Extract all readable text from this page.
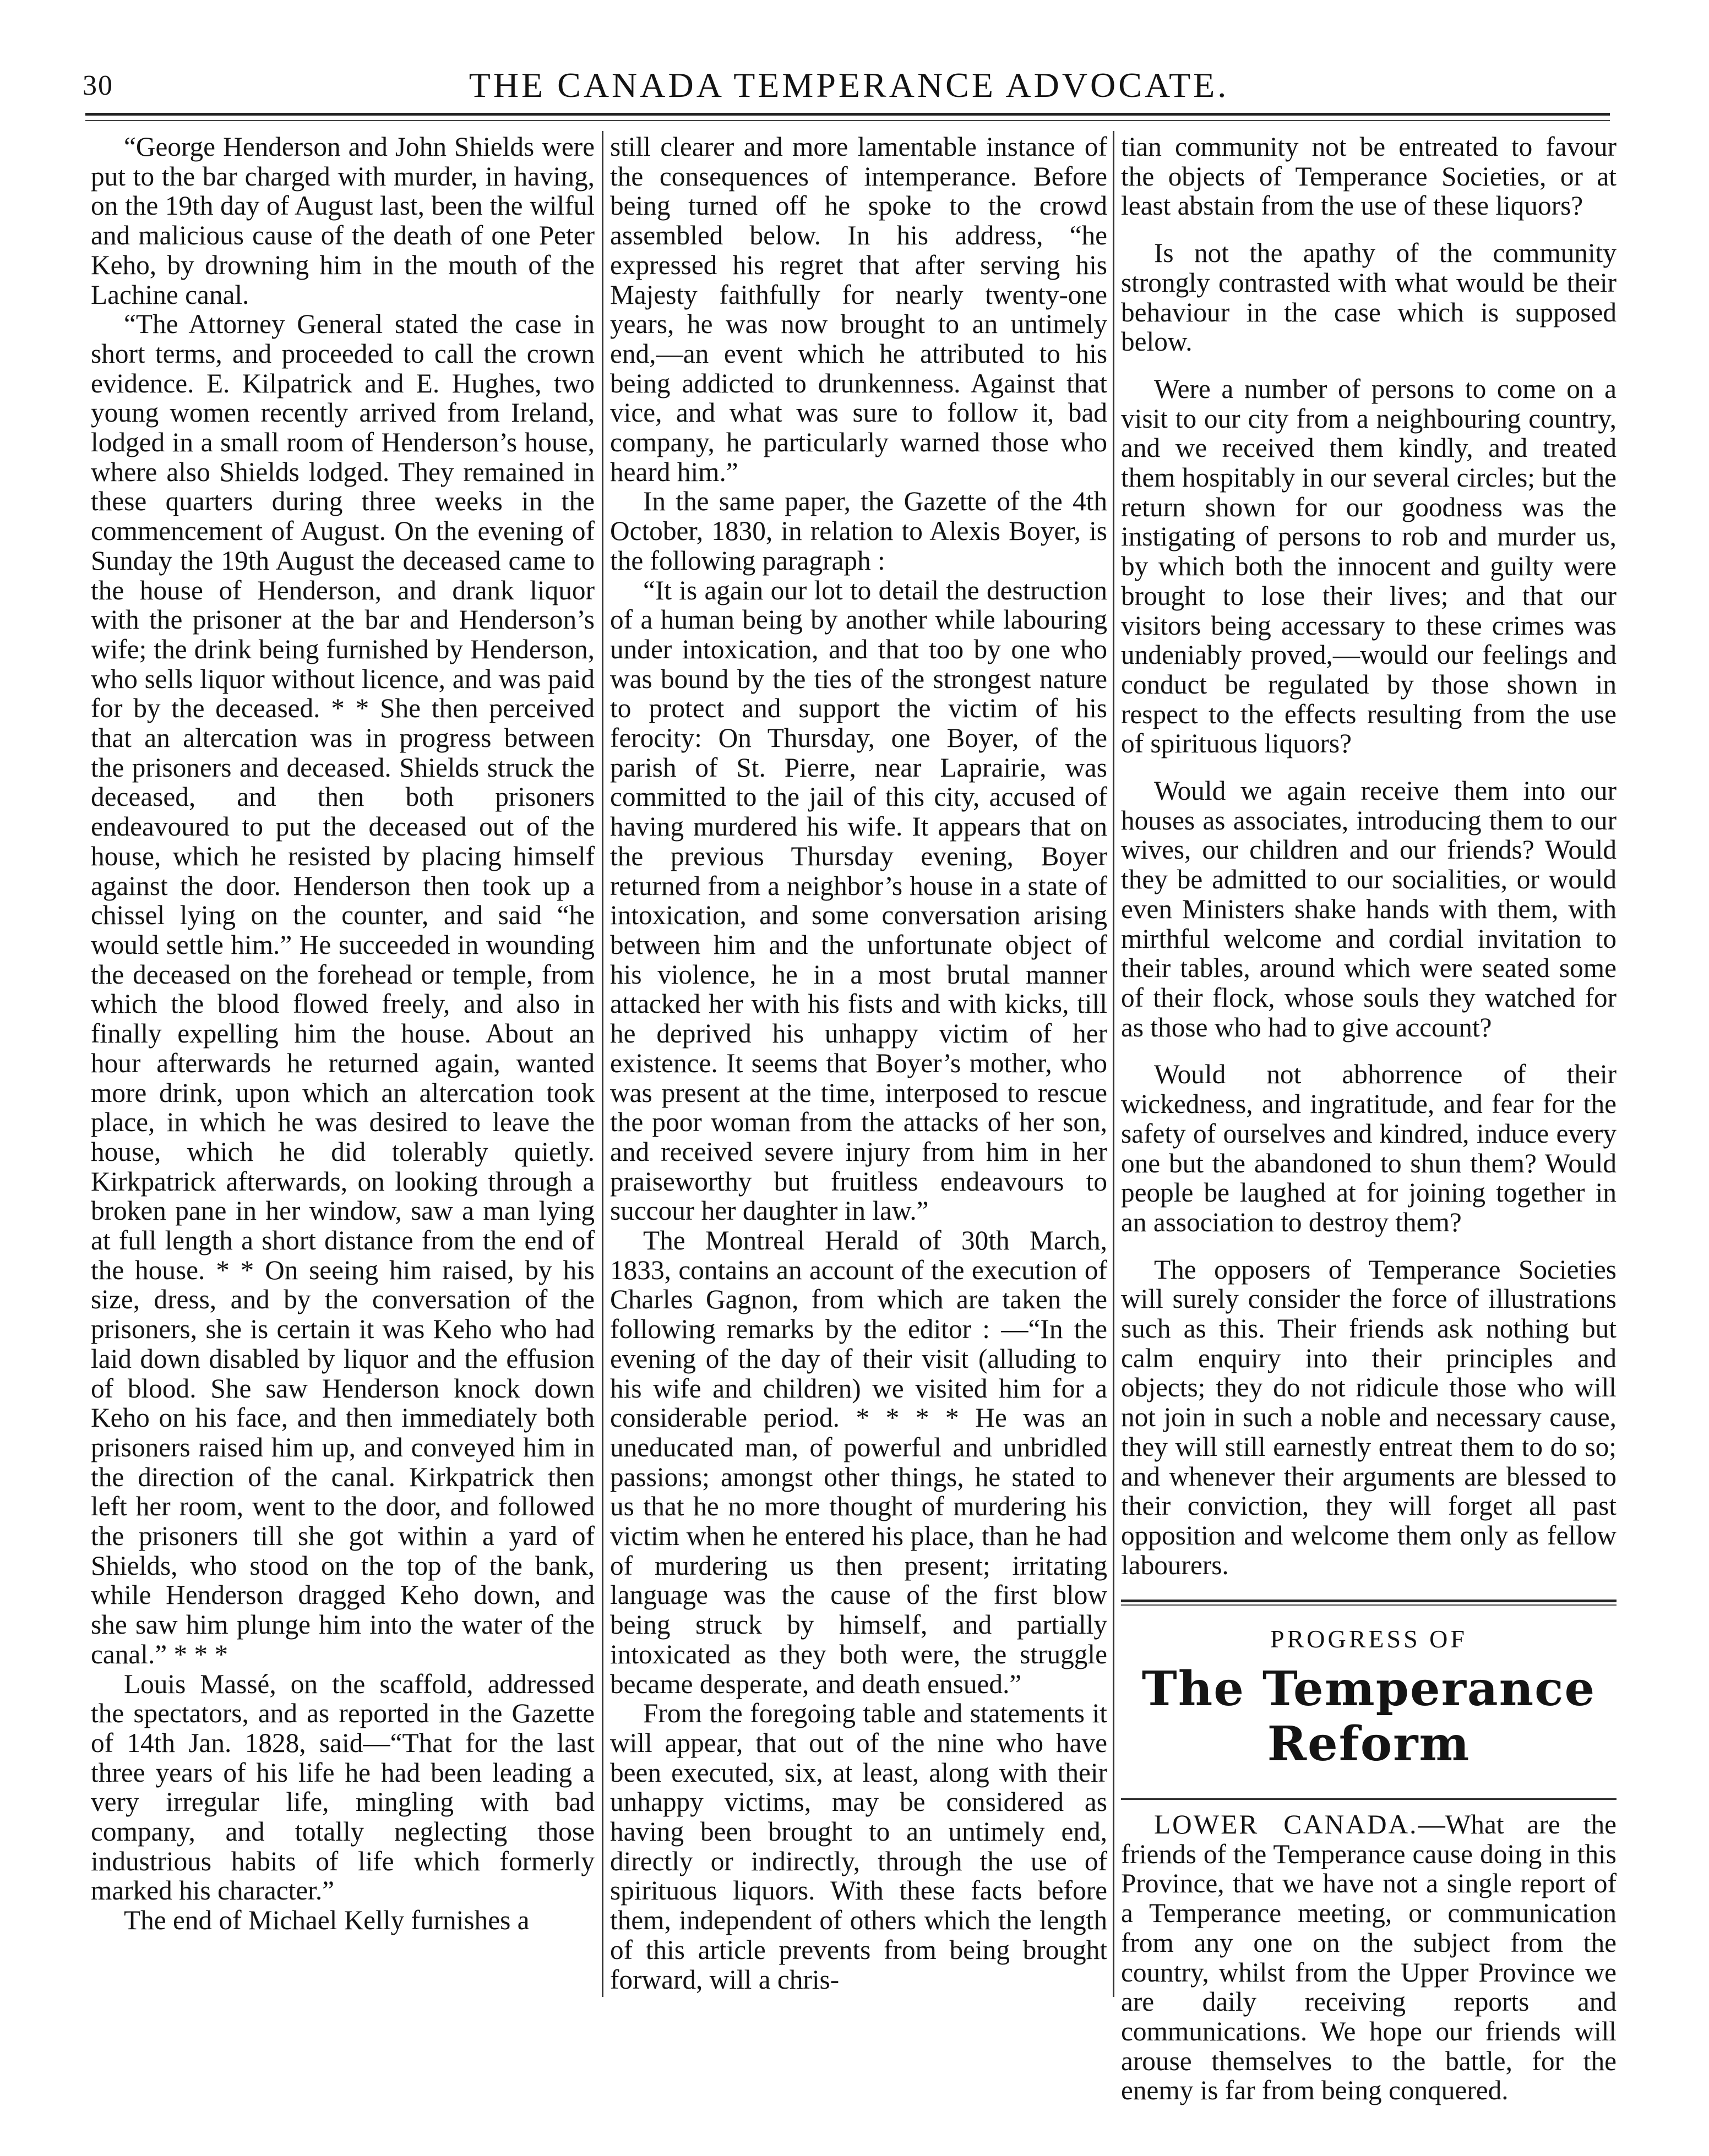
30	THE CANADA TEMPERANCE ADVOCATE.

“George Henderson and John Shields were put to the bar charged with murder, in having, on the 19th day of August last, been the wilful and malicious cause of the death of one Peter Keho, by drowning him in the mouth of the Lachine canal.

“The Attorney General stated the case in short terms, and proceeded to call the crown evidence. E. Kilpatrick and E. Hughes, two young women recently arrived from Ireland, lodged in a small room of Henderson’s house, where also Shields lodged. They remained in these quarters during three weeks in the commencement of August. On the evening of Sunday the 19th August the deceased came to the house of Henderson, and drank liquor with the prisoner at the bar and Henderson’s wife; the drink being furnished by Henderson, who sells liquor without licence, and was paid for by the deceased. * * She then perceived that an altercation was in progress between the prisoners and deceased. Shields struck the deceased, and then both prisoners endeavoured to put the deceased out of the house, which he resisted by placing himself against the door. Henderson then took up a chissel lying on the counter, and said “he would settle him.” He succeeded in wounding the deceased on the forehead or temple, from which the blood flowed freely, and also in finally expelling him the house. About an hour afterwards he returned again, wanted more drink, upon which an altercation took place, in which he was desired to leave the house, which he did tolerably quietly. Kirkpatrick afterwards, on looking through a broken pane in her window, saw a man lying at full length a short distance from the end of the house. * * On seeing him raised, by his size, dress, and by the conversation of the prisoners, she is certain it was Keho who had laid down disabled by liquor and the effusion of blood. She saw Henderson knock down Keho on his face, and then immediately both prisoners raised him up, and conveyed him in the direction of the canal. Kirkpatrick then left her room, went to the door, and followed the prisoners till she got within a yard of Shields, who stood on the top of the bank, while Henderson dragged Keho down, and she saw him plunge him into the water of the canal.” * * *

Louis Massé, on the scaffold, addressed the spectators, and as reported in the Gazette of 14th Jan. 1828, said—“That for the last three years of his life he had been leading a very irregular life, mingling with bad company, and totally neglecting those industrious habits of life which formerly marked his character.”

The end of Michael Kelly furnishes a

still clearer and more lamentable instance of the consequences of intemperance. Before being turned off he spoke to the crowd assembled below. In his address, “he expressed his regret that after serving his Majesty faithfully for nearly twenty-one years, he was now brought to an untimely end,—an event which he attributed to his being addicted to drunkenness. Against that vice, and what was sure to follow it, bad company, he particularly warned those who heard him.”

In the same paper, the Gazette of the 4th October, 1830, in relation to Alexis Boyer, is the following paragraph :

“It is again our lot to detail the destruction of a human being by another while labouring under intoxication, and that too by one who was bound by the ties of the strongest nature to protect and support the victim of his ferocity: On Thursday, one Boyer, of the parish of St. Pierre, near Laprairie, was committed to the jail of this city, accused of having murdered his wife. It appears that on the previous Thursday evening, Boyer returned from a neighbor’s house in a state of intoxication, and some conversation arising between him and the unfortunate object of his violence, he in a most brutal manner attacked her with his fists and with kicks, till he deprived his unhappy victim of her existence. It seems that Boyer’s mother, who was present at the time, interposed to rescue the poor woman from the attacks of her son, and received severe injury from him in her praiseworthy but fruitless endeavours to succour her daughter in law.”

The Montreal Herald of 30th March, 1833, contains an account of the execution of Charles Gagnon, from which are taken the following remarks by the editor : —“In the evening of the day of their visit (alluding to his wife and children) we visited him for a considerable period. * * * * He was an uneducated man, of powerful and unbridled passions; amongst other things, he stated to us that he no more thought of murdering his victim when he entered his place, than he had of murdering us then present; irritating language was the cause of the first blow being struck by himself, and partially intoxicated as they both were, the struggle became desperate, and death ensued.”

From the foregoing table and statements it will appear, that out of the nine who have been executed, six, at least, along with their unhappy victims, may be considered as having been brought to an untimely end, directly or indirectly, through the use of spirituous liquors. With these facts before them, independent of others which the length of this article prevents from being brought forward, will a chris-

tian community not be entreated to favour the objects of Temperance Societies, or at least abstain from the use of these liquors?

Is not the apathy of the community strongly contrasted with what would be their behaviour in the case which is supposed below.

Were a number of persons to come on a visit to our city from a neighbouring country, and we received them kindly, and treated them hospitably in our several circles; but the return shown for our goodness was the instigating of persons to rob and murder us, by which both the innocent and guilty were brought to lose their lives; and that our visitors being accessary to these crimes was undeniably proved,—would our feelings and conduct be regulated by those shown in respect to the effects resulting from the use of spirituous liquors?

Would we again receive them into our houses as associates, introducing them to our wives, our children and our friends? Would they be admitted to our socialities, or would even Ministers shake hands with them, with mirthful welcome and cordial invitation to their tables, around which were seated some of their flock, whose souls they watched for as those who had to give account?

Would not abhorrence of their wickedness, and ingratitude, and fear for the safety of ourselves and kindred, induce every one but the abandoned to shun them? Would people be laughed at for joining together in an association to destroy them?

The opposers of Temperance Societies will surely consider the force of illustrations such as this. Their friends ask nothing but calm enquiry into their principles and objects; they do not ridicule those who will not join in such a noble and necessary cause, they will still earnestly entreat them to do so; and whenever their arguments are blessed to their conviction, they will forget all past opposition and welcome them only as fellow labourers.

PROGRESS OF
The Temperance Reform

LOWER CANADA.—What are the friends of the Temperance cause doing in this Province, that we have not a single report of a Temperance meeting, or communication from any one on the subject from the country, whilst from the Upper Province we are daily receiving reports and communications. We hope our friends will arouse themselves to the battle, for the enemy is far from being conquered.
